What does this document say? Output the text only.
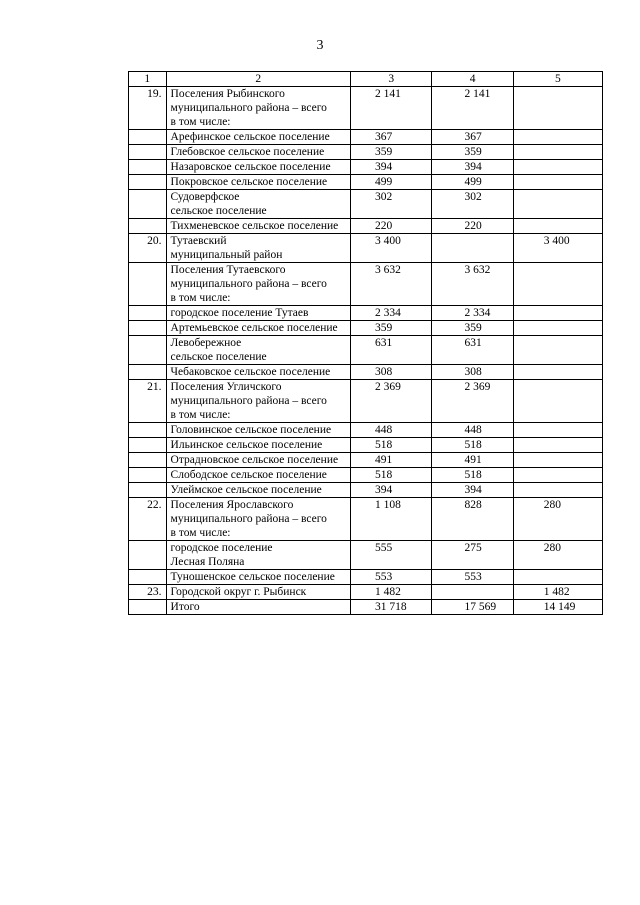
3
1	2	3	4	5
19.	Поселения Рыбинского
муниципального района – всего
в том числе:	2 141	2 141	

	Арефинское сельское поселение	367	367	

	Глебовское сельское поселение	359	359	

	Назаровское сельское поселение	394	394	

	Покровское сельское поселение	499	499	

	Судоверфское
сельское поселение	302	302	

	Тихменевское сельское поселение	220	220	

20.	Тутаевский
муниципальный район	3 400		3 400

	Поселения Тутаевского
муниципального района – всего
в том числе:	3 632	3 632	

	городское поселение Тутаев	2 334	2 334	

	Артемьевское сельское поселение	359	359	

	Левобережное
сельское поселение	631	631	

	Чебаковское сельское поселение	308	308	

21.	Поселения Угличского
муниципального района – всего
в том числе:	2 369	2 369	

	Головинское сельское поселение	448	448	

	Ильинское сельское поселение	518	518	

	Отрадновское сельское поселение	491	491	

	Слободское сельское поселение	518	518	

	Улеймское сельское поселение	394	394	

22.	Поселения Ярославского
муниципального района – всего
в том числе:	1 108	828	280

	городское поселение
Лесная Поляна	555	275	280

	Туношенское сельское поселение	553	553	

23.	Городской округ г. Рыбинск	1 482		1 482

	Итого	31 718	17 569	14 149
